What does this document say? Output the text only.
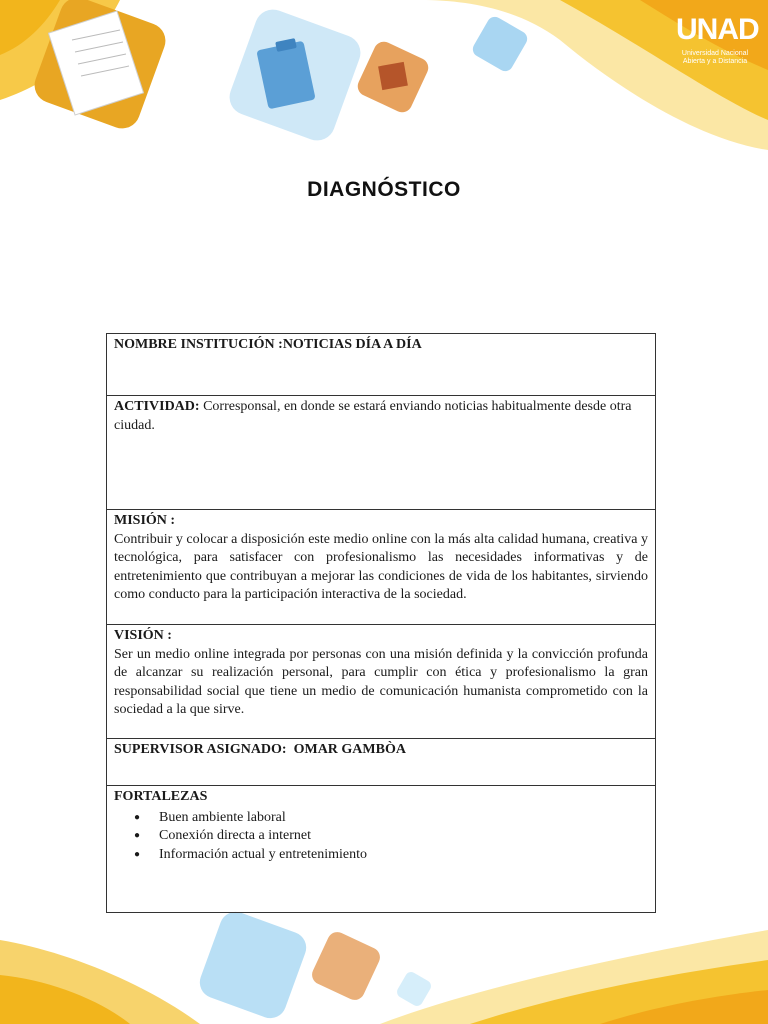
UNAD
Universidad Nacional
Abierta y a Distancia
DIAGNÓSTICO
NOMBRE INSTITUCIÓN :NOTICIAS DÍA A DÍA
ACTIVIDAD: Corresponsal, en donde se estará enviando noticias habitualmente desde otra ciudad.
MISIÓN :
Contribuir y colocar a disposición este medio online con la más alta calidad humana, creativa y tecnológica, para satisfacer con profesionalismo las necesidades informativas y de entretenimiento que contribuyan a mejorar las condiciones de vida de los habitantes, sirviendo como conducto para la participación interactiva de la sociedad.
VISIÓN :
Ser un medio online integrada por personas con una misión definida y la convicción profunda de alcanzar su realización personal, para cumplir con ética y profesionalismo la gran responsabilidad social que tiene un medio de comunicación humanista comprometido con la sociedad a la que sirve.
SUPERVISOR ASIGNADO: OMAR GAMBÒA
FORTALEZAS
● Buen ambiente laboral
● Conexión directa a internet
● Información actual y entretenimiento
